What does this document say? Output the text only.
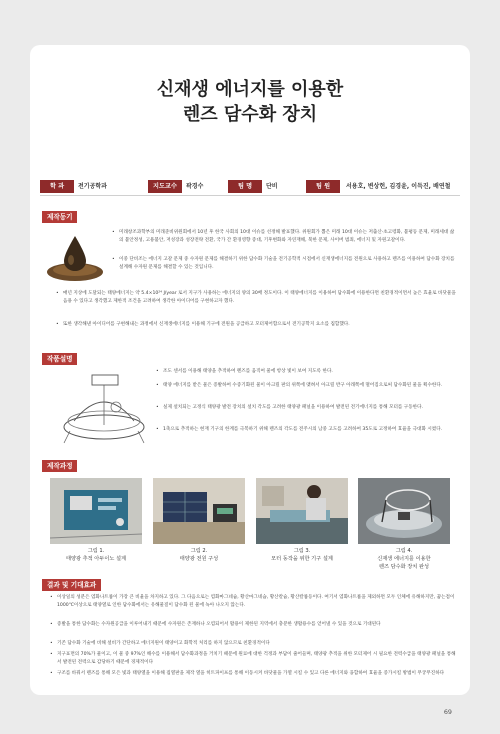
신재생 에너지를 이용한
렌즈 담수화 장치
학 과	전기공학과	지도교수	곽경수	팀 명	단비	팀 원	서용호, 변상헌, 김경윤, 이득진, 배연철
제작동기
• 미래창조과학부의 미래준비위원회에서 10년 후 한국 사회의 10대 이슈를 선정해 발표했다. 위원회가 뽑은 미래 10대 이슈는 저출산·초고령화, 불평등 문제, 미래세대 삶의 불안정성, 고용불안, 저성장과 성장전략 전환, 국가 간 환경영향 증대, 기후변화와 자연재해, 북한 문제, 사이버 범죄, 에너지 및 자원고갈이다.

• 이중 단비조는 에너지 고갈 문제 중 수자원 문제를 해결하기 위한 담수화 기술을 전기공학적 시점에서 신재생에너지를 전원으로 사용하고 렌즈를 이용하여 담수화 장치를 설계해 수자원 문제를 해결할 수 있는 것입니다.

• 매년 지상에 도달되는 태양에너지는 약 5.4×10²⁴ J/year 로서 지구가 사용하는 에너지의 양의 30배 정도이다. 이 태양에너지를 이용하여 담수화에 이용한다면 친환경적이면서 높은 효율로 바닷물을 음용 수 있다고 생각했고 제한적 조건을 고려하여 생각한 아이디어를 구현하고자 했다.

• 또한 생각해낸 아이디어를 구현해내는 과정에서 신재생에너지를 이용해 기구에 전원을 공급하고 모터제어함으로서 전기공학지 요소를 집합했다.

작품설명
• 조도 센서를 이용해 태양을 추적하여 렌즈를 움직여 물에 항상 빛이 보여 지도록 한다.

• 태양 에너지를 받은 물은 증발하여 수증기화된 물이 아크릴 판의 위쪽에 맺혀서 아크릴 반구 아래쪽에 떨어짐으로써 담수화된 물을 획수한다.

• 실제 설치되는 고정식 태양광 발전 장치의 설치 각도를 고려한 태양광 패널을 이용하여 발전된 전기에너지를 통해 모터를 구동한다.

• 1축으로 추적하는 현재 기구의 한계를 극복하기 위해 렌즈의 각도를 전주시의 남중 고도를 고려하여 35도로 고정하여 효율을 극대화 시켰다.

제작과정
그림 1.
태양광 추적 아두이노 설계
그림 2.
태양광 전원 구성
그림 3.
모터 동작을 위한 기구 설계
그림 4.
신재생 에너지를 이용한
렌즈 담수화 장치 완성
결과 및 기대효과
• 이상일의 성분은 염화나트륨이 가장 큰 비율을 차지하고 있다. 그 다음으로는 염화마그네슘, 황산마그네슘, 황산칼슘, 황산칼륨등이다. 여기서 염화나트륨을 제외하면 모두 인체에 유해하지만, 꿈는점이 1000℃이상으로 태양열로 인한 담수화에서는 유해물질이 담수화 된 물에 녹아 나오지 않는다.

• 증발을 통한 담수화는 수자원공급을 이루어내기 때문에 수자원은 존재하나 오염되어서 활용이 제한된 지역에서 충분한 생활용수를 얻어낼 수 있을 것으로 기대된다

• 기존 담수화 기술에 비해 설비가 간단하고 에너지원이 태양이고 화학적 처리를 하지 않으므로 친환경적이다

• 지구표면의 70%가 물이고, 이 물 중 97%인 해수를 이용해서 담수화과정을 거치기 때문에 원료에 대한 걱정과 부담이 줄어들며, 태양광 추적을 위한 모터제어 시 필요한 전력수급을 태양광 패널을 통해서 발전된 전력으로 감당하기 때문에 경제적이다

• 구조를 바꿔서 렌즈를 통해 모은 빛과 태양열을 이용해 집열판을 제작 열을 히트파이프를 통해 이동시켜 바닷물을 가열 시킬 수 있고 다른 에너지와 융합하여 효율을 증가시킬 방법이 무궁무진하다

69
